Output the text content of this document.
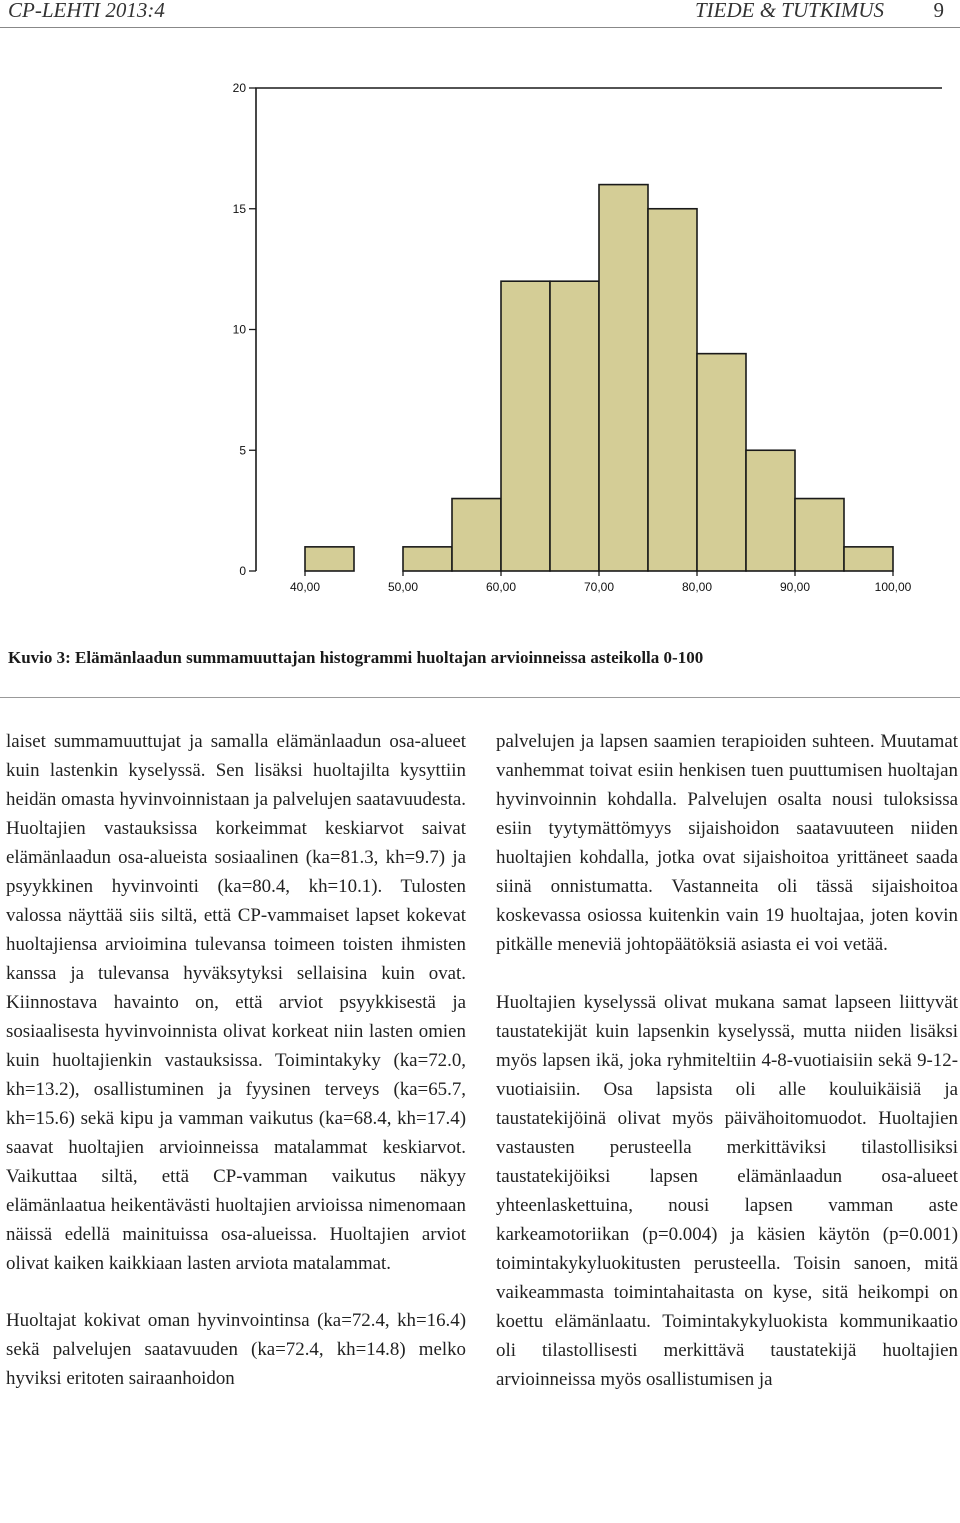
CP-LEHTI 2013:4	TIEDE & TUTKIMUS 9
0
5
10
15
20
40,00	50,00	60,00	70,00	80,00	90,00	100,00
Kuvio 3: Elämänlaadun summamuuttajan histogrammi huoltajan arvioinneissa asteikolla 0-100

laiset summamuuttujat ja samalla elämänlaadun osa-alueet kuin lastenkin kyselyssä. Sen lisäksi huoltajilta kysyttiin heidän omasta hyvinvoinnistaan ja palvelujen saatavuudesta. Huoltajien vastauksissa korkeimmat keskiarvot saivat elämänlaadun osa-alueista sosiaalinen (ka=81.3, kh=9.7) ja psyykkinen hyvinvointi (ka=80.4, kh=10.1). Tulosten valossa näyttää siis siltä, että CP-vammaiset lapset kokevat huoltajiensa arvioimina tulevansa toimeen toisten ihmisten kanssa ja tulevansa hyväksytyksi sellaisina kuin ovat. Kiinnostava havainto on, että arviot psyykkisestä ja sosiaalisesta hyvinvoinnista olivat korkeat niin lasten omien kuin huoltajienkin vastauksissa. Toimintakyky (ka=72.0, kh=13.2), osallistuminen ja fyysinen terveys (ka=65.7, kh=15.6) sekä kipu ja vamman vaikutus (ka=68.4, kh=17.4) saavat huoltajien arvioinneissa matalammat keskiarvot. Vaikuttaa siltä, että CP-vamman vaikutus näkyy elämänlaatua heikentävästi huoltajien arvioissa nimenomaan näissä edellä mainituissa osa-alueissa. Huoltajien arviot olivat kaiken kaikkiaan lasten arviota matalammat.

Huoltajat kokivat oman hyvinvointinsa (ka=72.4, kh=16.4) sekä palvelujen saatavuuden (ka=72.4, kh=14.8) melko hyviksi eritoten sairaanhoidon

palvelujen ja lapsen saamien terapioiden suhteen. Muutamat vanhemmat toivat esiin henkisen tuen puuttumisen huoltajan hyvinvoinnin kohdalla. Palvelujen osalta nousi tuloksissa esiin tyytymättömyys sijaishoidon saatavuuteen niiden huoltajien kohdalla, jotka ovat sijaishoitoa yrittäneet saada siinä onnistumatta. Vastanneita oli tässä sijaishoitoa koskevassa osiossa kuitenkin vain 19 huoltajaa, joten kovin pitkälle meneviä johtopäätöksiä asiasta ei voi vetää.

Huoltajien kyselyssä olivat mukana samat lapseen liittyvät taustatekijät kuin lapsenkin kyselyssä, mutta niiden lisäksi myös lapsen ikä, joka ryhmiteltiin 4-8-vuotiaisiin sekä 9-12-vuotiaisiin. Osa lapsista oli alle kouluikäisiä ja taustatekijöinä olivat myös päivähoitomuodot. Huoltajien vastausten perusteella merkittäviksi tilastollisiksi taustatekijöiksi lapsen elämänlaadun osa-alueet yhteenlaskettuina, nousi lapsen vamman aste karkeamotoriikan (p=0.004) ja käsien käytön (p=0.001) toimintakykyluokitusten perusteella. Toisin sanoen, mitä vaikeammasta toimintahaitasta on kyse, sitä heikompi on koettu elämänlaatu. Toimintakykyluokista kommunikaatio oli tilastollisesti merkittävä taustatekijä huoltajien arvioinneissa myös osallistumisen ja
